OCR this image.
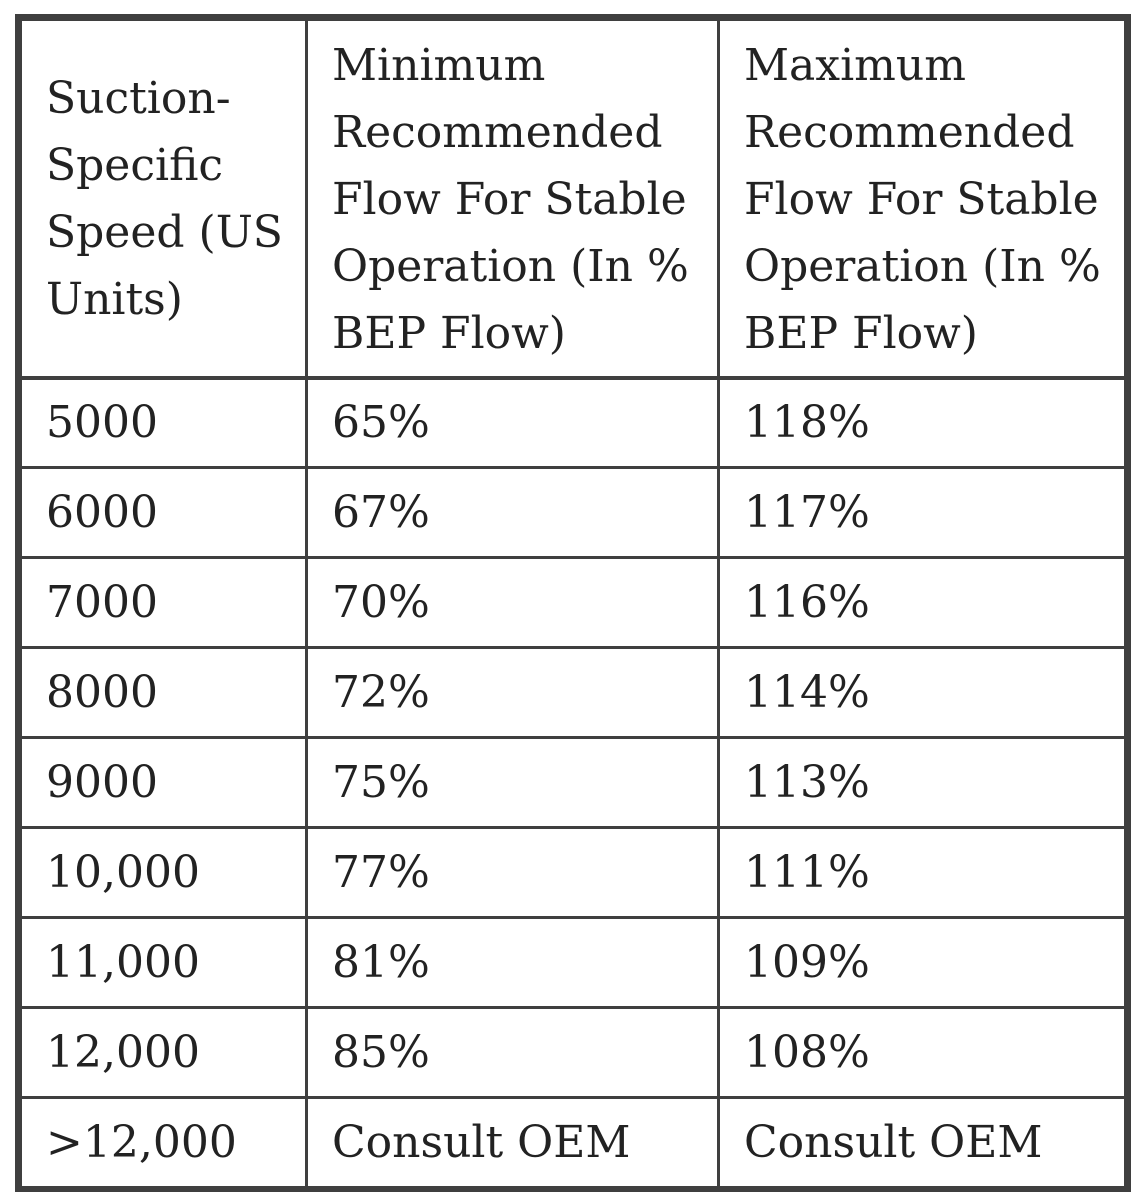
Suction-Specific Speed (US Units)	Minimum Recommended Flow For Stable Operation (In % BEP Flow)	Maximum Recommended Flow For Stable Operation (In % BEP Flow)
5000	65%	118%
6000	67%	117%
7000	70%	116%
8000	72%	114%
9000	75%	113%
10,000	77%	111%
11,000	81%	109%
12,000	85%	108%
>12,000	Consult OEM	Consult OEM
